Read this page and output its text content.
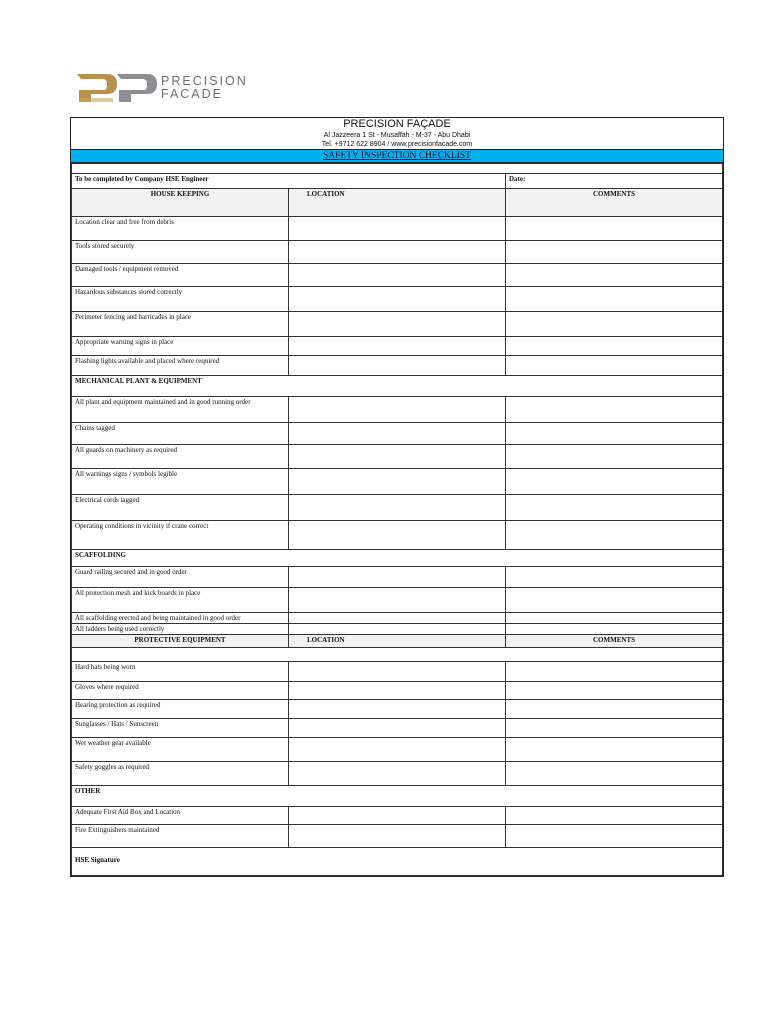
PRECISION
FACADE
PRECISION FAÇADE
Al Jazzeera 1 St - Musaffah - M-37 - Abu Dhabi
Tel. +9712 622 8904 / www.precisionfacade.com
SAFETY INSPECTION CHECKLIST

To be completed by Company HSE Engineer		Date:
HOUSE KEEPING	LOCATION	COMMENTS
Location clear and free from debris		
Tools stored securely		
Damaged tools / equipment removed		
Hazardous substances stored correctly		
Perimeter fencing and barricades in place		
Appropriate warning signs in place		
Flashing lights available and placed where required		
MECHANICAL PLANT & EQUIPMENT		
All plant and equipment maintained and in good running order		
Chains tagged		
All guards on machinery as required		
All warnings signs / symbols legible		
Electrical cords tagged		
Operating conditions in vicinity if crane correct		
SCAFFOLDING		
Guard railing secured and in good order		
All protection mesh and kick boards in place		
All scaffolding erected and being maintained in good order		
All ladders being used correctly		
PROTECTIVE EQUIPMENT	LOCATION	COMMENTS

Hard hats being worn		
Gloves where required		
Hearing protection as required		
Sunglasses / Hats / Sunscreen		
Wet weather gear available		
Safety goggles as required		
OTHER		
Adequate First Aid Box and Location		
Fire Extinguishers maintained		
HSE Signature		
